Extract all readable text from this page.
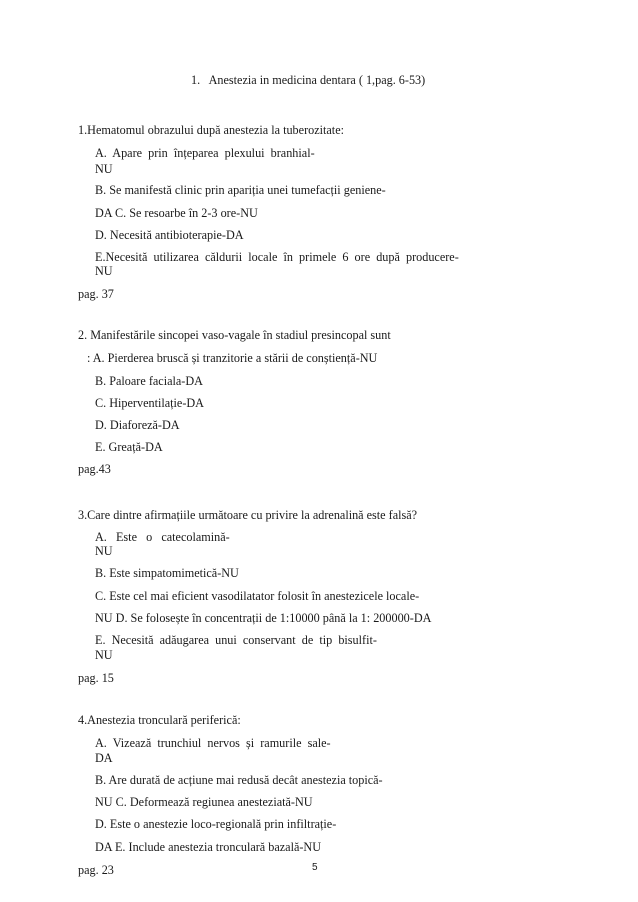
1.   Anestezia in medicina dentara ( 1,pag. 6-53)
1.Hematomul obrazului după anestezia la tuberozitate:
A.  Apare  prin  înțeparea  plexului  branhial-
NU
B. Se manifestă clinic prin apariția unei tumefacții geniene-
DA C. Se resoarbe în 2-3 ore-NU
D. Necesită antibioterapie-DA
E.Necesită  utilizarea  căldurii  locale  în  primele  6  ore  după  producere-
NU
pag. 37
2. Manifestările sincopei vaso-vagale în stadiul presincopal sunt
: A. Pierderea bruscă și tranzitorie a stării de conștiență-NU
B. Paloare faciala-DA
C. Hiperventilație-DA
D. Diaforeză-DA
E. Greață-DA
pag.43
3.Care dintre afirmațiile următoare cu privire la adrenalină este falsă?
A.   Este   o   catecolamină-
NU
B. Este simpatomimetică-NU
C. Este cel mai eficient vasodilatator folosit în anestezicele locale-
NU D. Se folosește în concentrații de 1:10000 până la 1: 200000-DA
E.  Necesită  adăugarea  unui  conservant  de  tip  bisulfit-
NU
pag. 15
4.Anestezia tronculară periferică:
A.  Vizează  trunchiul  nervos  și  ramurile  sale-
DA
B. Are durată de acțiune mai redusă decât anestezia topică-
NU C. Deformează regiunea anesteziată-NU
D. Este o anestezie loco-regională prin infiltrație-
DA E. Include anestezia tronculară bazală-NU
pag. 23	5
